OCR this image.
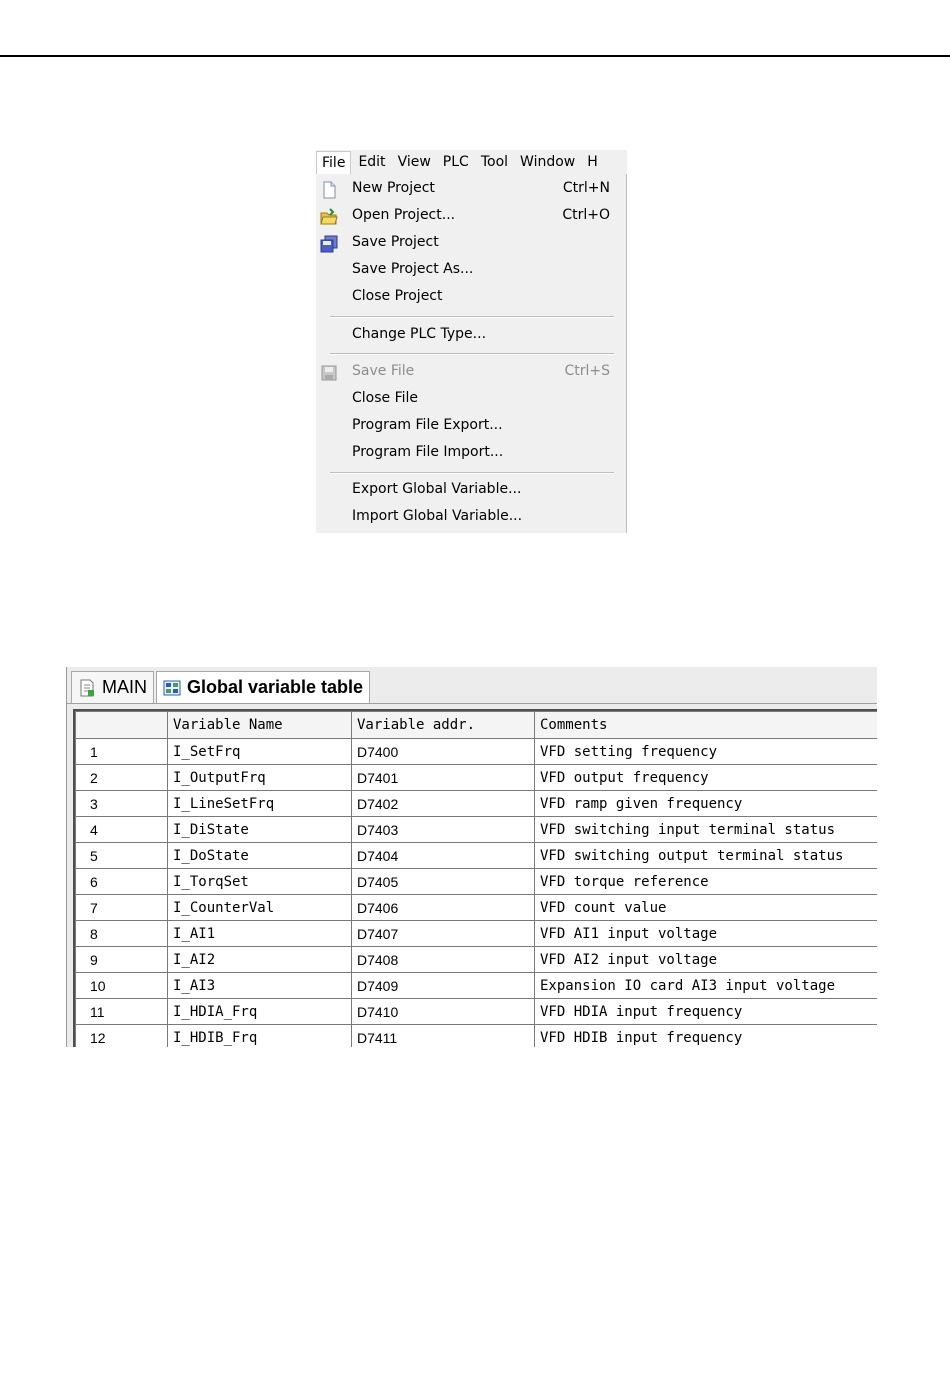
File Edit View PLC Tool Window H
New Project	Ctrl+N
Open Project...	Ctrl+O
Save Project
Save Project As...
Close Project
Change PLC Type...
Save File	Ctrl+S
Close File
Program File Export...
Program File Import...
Export Global Variable...
Import Global Variable...
MAIN	Global variable table
	Variable Name	Variable addr.	Comments
1	I_SetFrq	D7400	VFD setting frequency
2	I_OutputFrq	D7401	VFD output frequency
3	I_LineSetFrq	D7402	VFD ramp given frequency
4	I_DiState	D7403	VFD switching input terminal status
5	I_DoState	D7404	VFD switching output terminal status
6	I_TorqSet	D7405	VFD torque reference
7	I_CounterVal	D7406	VFD count value
8	I_AI1	D7407	VFD AI1 input voltage
9	I_AI2	D7408	VFD AI2 input voltage
10	I_AI3	D7409	Expansion IO card AI3 input voltage
11	I_HDIA_Frq	D7410	VFD HDIA input frequency
12	I_HDIB_Frq	D7411	VFD HDIB input frequency
